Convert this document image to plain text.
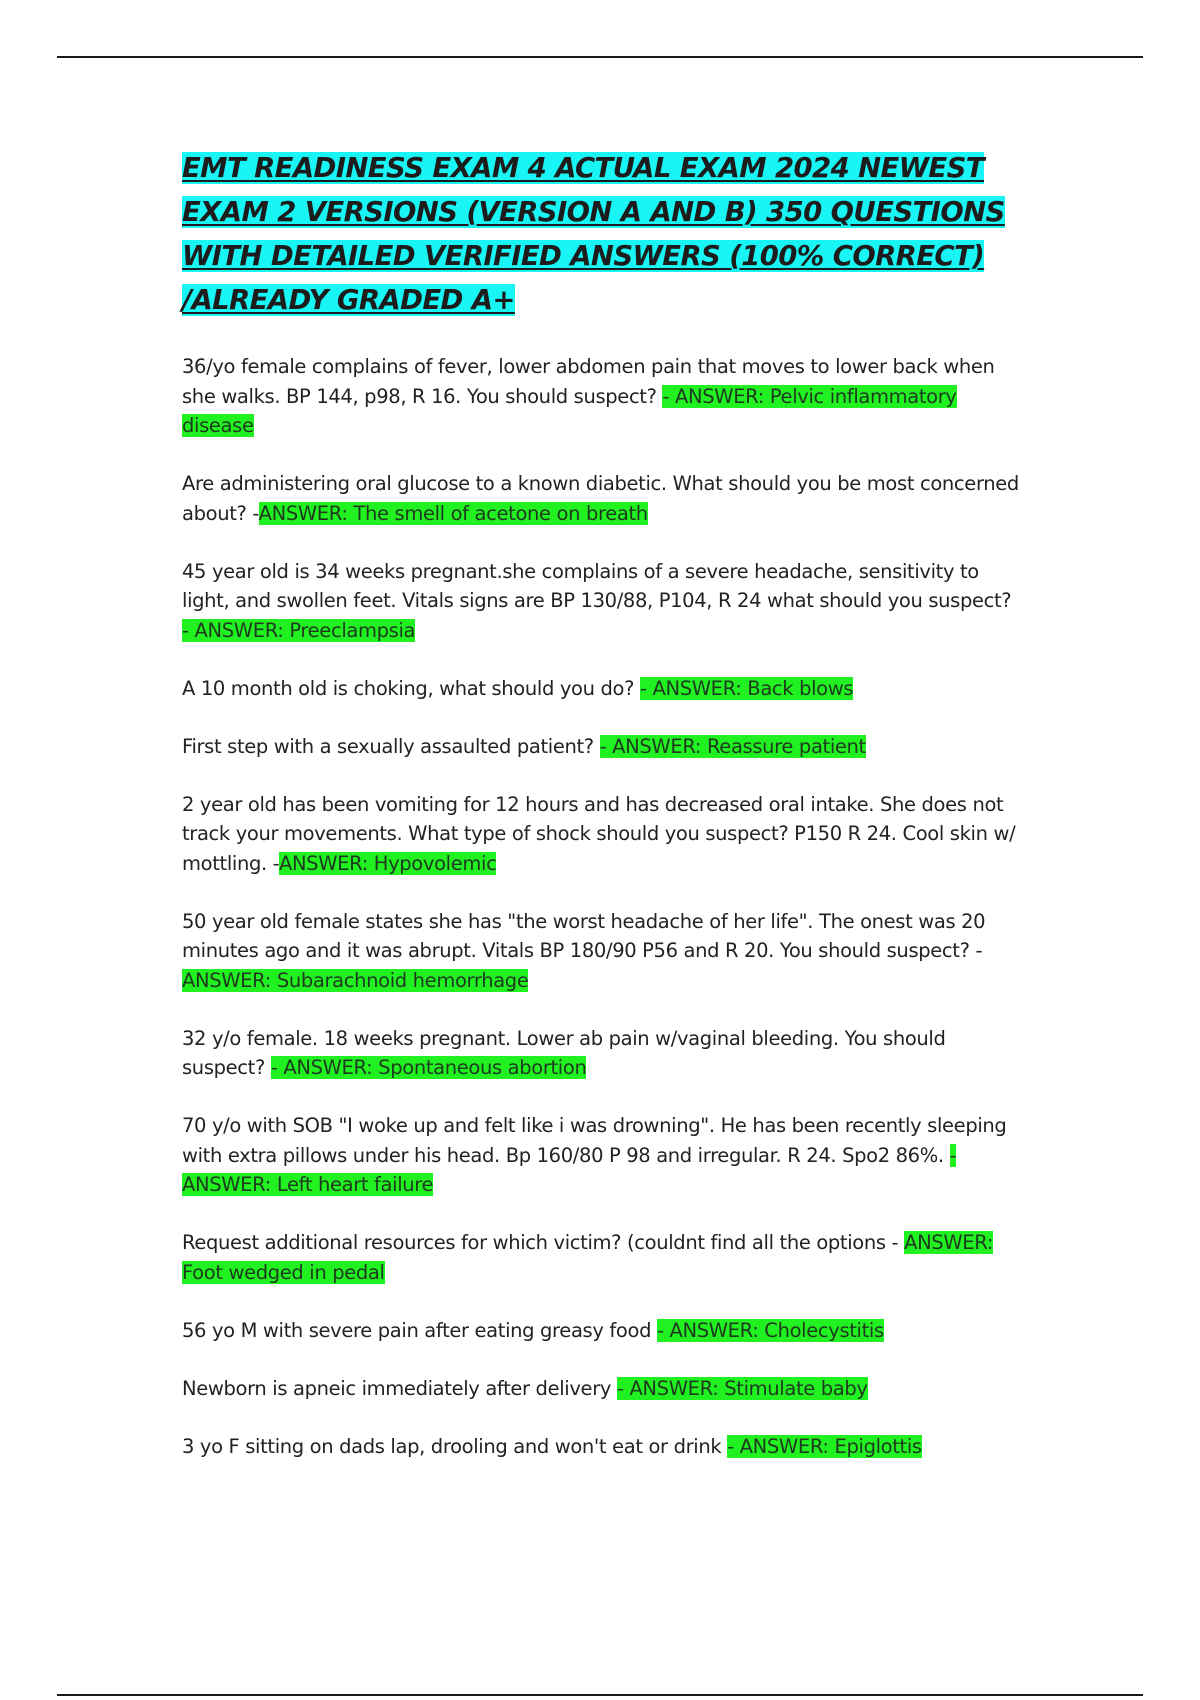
EMT READINESS EXAM 4 ACTUAL EXAM 2024 NEWEST EXAM 2 VERSIONS (VERSION A AND B) 350 QUESTIONS WITH DETAILED VERIFIED ANSWERS (100% CORRECT) /ALREADY GRADED A+

36/yo female complains of fever, lower abdomen pain that moves to lower back when she walks. BP 144, p98, R 16. You should suspect? - ANSWER: Pelvic inflammatory disease

Are administering oral glucose to a known diabetic. What should you be most concerned about? -ANSWER: The smell of acetone on breath

45 year old is 34 weeks pregnant.she complains of a severe headache, sensitivity to light, and swollen feet. Vitals signs are BP 130/88, P104, R 24 what should you suspect? - ANSWER: Preeclampsia

A 10 month old is choking, what should you do? - ANSWER: Back blows

First step with a sexually assaulted patient? - ANSWER: Reassure patient

2 year old has been vomiting for 12 hours and has decreased oral intake. She does not track your movements. What type of shock should you suspect? P150 R 24. Cool skin w/ mottling. -ANSWER: Hypovolemic

50 year old female states she has "the worst headache of her life". The onest was 20 minutes ago and it was abrupt. Vitals BP 180/90 P56 and R 20. You should suspect? - ANSWER: Subarachnoid hemorrhage

32 y/o female. 18 weeks pregnant. Lower ab pain w/vaginal bleeding. You should suspect? - ANSWER: Spontaneous abortion

70 y/o with SOB "I woke up and felt like i was drowning". He has been recently sleeping with extra pillows under his head. Bp 160/80 P 98 and irregular. R 24. Spo2 86%. - ANSWER: Left heart failure

Request additional resources for which victim? (couldnt find all the options - ANSWER: Foot wedged in pedal

56 yo M with severe pain after eating greasy food - ANSWER: Cholecystitis

Newborn is apneic immediately after delivery - ANSWER: Stimulate baby

3 yo F sitting on dads lap, drooling and won't eat or drink - ANSWER: Epiglottis
